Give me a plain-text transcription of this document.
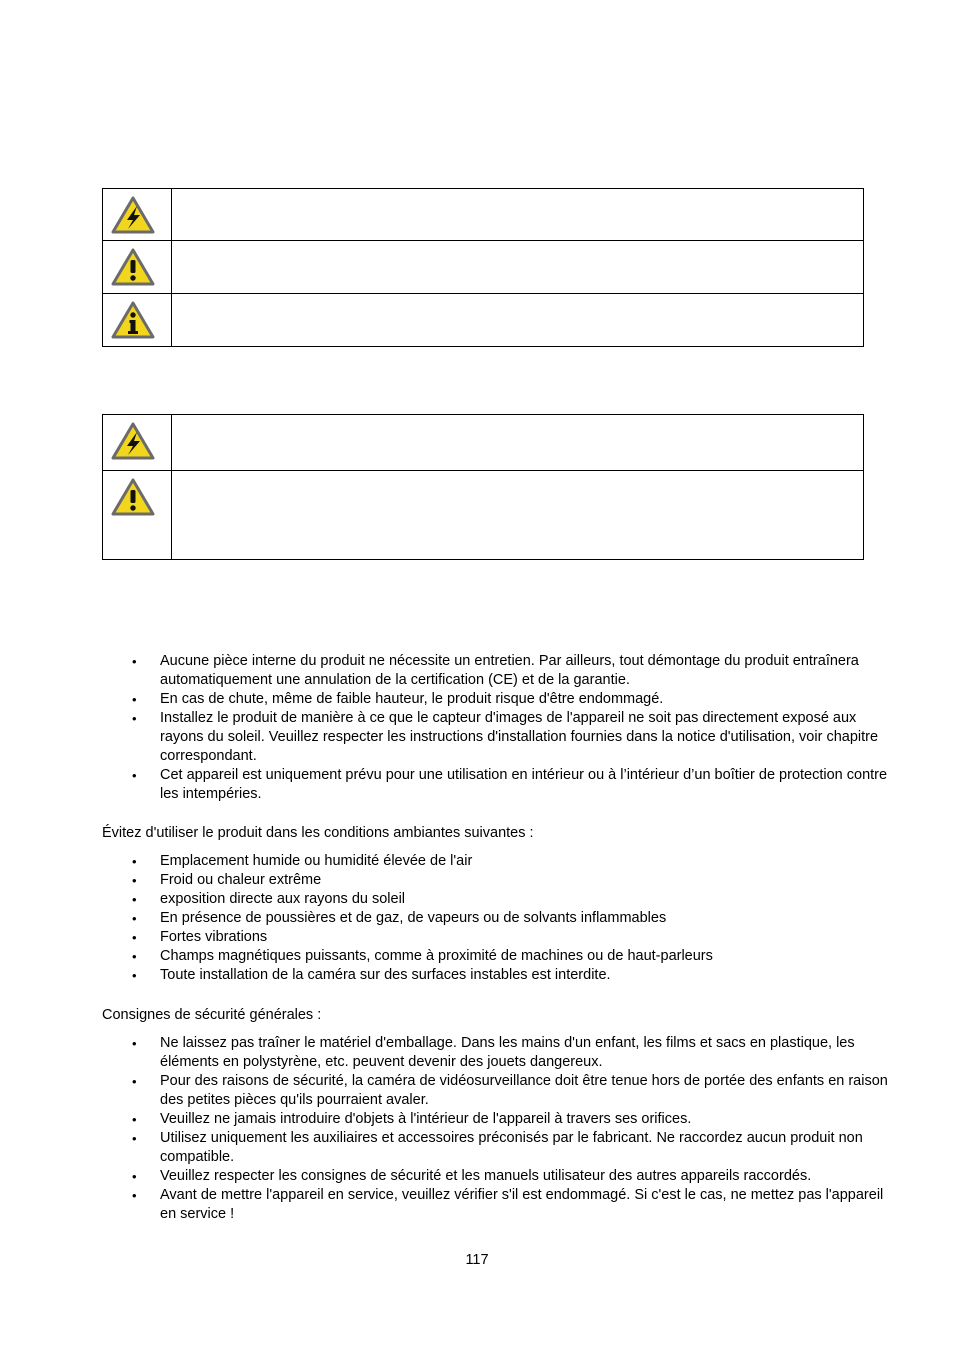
• Aucune pièce interne du produit ne nécessite un entretien. Par ailleurs, tout démontage du produit entraînera automatiquement une annulation de la certification (CE) et de la garantie.
• En cas de chute, même de faible hauteur, le produit risque d'être endommagé.
• Installez le produit de manière à ce que le capteur d'images de l'appareil ne soit pas directement exposé aux rayons du soleil. Veuillez respecter les instructions d'installation fournies dans la notice d'utilisation, voir chapitre correspondant.
• Cet appareil est uniquement prévu pour une utilisation en intérieur ou à l’intérieur d’un boîtier de protection contre les intempéries.

Évitez d'utiliser le produit dans les conditions ambiantes suivantes :

• Emplacement humide ou humidité élevée de l'air
• Froid ou chaleur extrême
• exposition directe aux rayons du soleil
• En présence de poussières et de gaz, de vapeurs ou de solvants inflammables
• Fortes vibrations
• Champs magnétiques puissants, comme à proximité de machines ou de haut-parleurs
• Toute installation de la caméra sur des surfaces instables est interdite.

Consignes de sécurité générales :

• Ne laissez pas traîner le matériel d'emballage. Dans les mains d'un enfant, les films et sacs en plastique, les éléments en polystyrène, etc. peuvent devenir des jouets dangereux.
• Pour des raisons de sécurité, la caméra de vidéosurveillance doit être tenue hors de portée des enfants en raison des petites pièces qu'ils pourraient avaler.
• Veuillez ne jamais introduire d'objets à l'intérieur de l'appareil à travers ses orifices.
• Utilisez uniquement les auxiliaires et accessoires préconisés par le fabricant. Ne raccordez aucun produit non compatible.
• Veuillez respecter les consignes de sécurité et les manuels utilisateur des autres appareils raccordés.
• Avant de mettre l'appareil en service, veuillez vérifier s'il est endommagé. Si c'est le cas, ne mettez pas l'appareil en service !
117
